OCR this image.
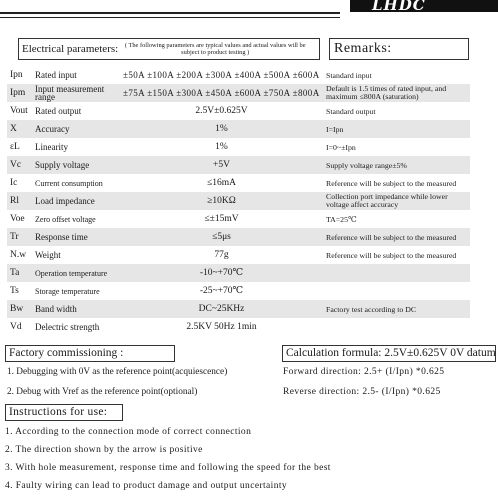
LHDC
Electrical parameters:	( The following parameters are typical values and actual values will be subject to product testing )	Remarks:
Ipn	Rated input	±50A ±100A ±200A ±300A ±400A ±500A ±600A	Standard input
Ipm	Input measurement range	±75A ±150A ±300A ±450A ±600A ±750A ±800A	Default is 1.5 times of rated input, and maximum ≤800A (saturation)
Vout	Rated output	2.5V±0.625V	Standard output
X	Accuracy	1%	I=Ipn
εL	Linearity	1%	I=0~±Ipn
Vc	Supply voltage	+5V	Supply voltage range±5%
Ic	Current consumption	≤16mA	Reference will be subject to the measured
Rl	Load impedance	≥10KΩ	Collection port impedance while lower voltage affect accuracy
Voe	Zero offset voltage	≤±15mV	TA=25℃
Tr	Response time	≤5μs	Reference will be subject to the measured
N.w	Weight	77g	Reference will be subject to the measured
Ta	Operation temperature	-10~+70℃	
Ts	Storage temperature	-25~+70℃	
Bw	Band width	DC~25KHz	Factory test according to DC
Vd	Delectric strength	2.5KV 50Hz 1min	
Factory commissioning :	Calculation formula: 2.5V±0.625V 0V datum
1. Debugging with 0V as the reference point(acquiescence)
2. Debug with Vref as the reference point(optional)
Forward direction: 2.5+ (I/Ipn) *0.625
Reverse direction: 2.5- (I/Ipn) *0.625
Instructions for use:
1. According to the connection mode of correct connection
2. The direction shown by the arrow is positive
3. With hole measurement, response time and following the speed for the best
4. Faulty wiring can lead to product damage and output uncertainty
